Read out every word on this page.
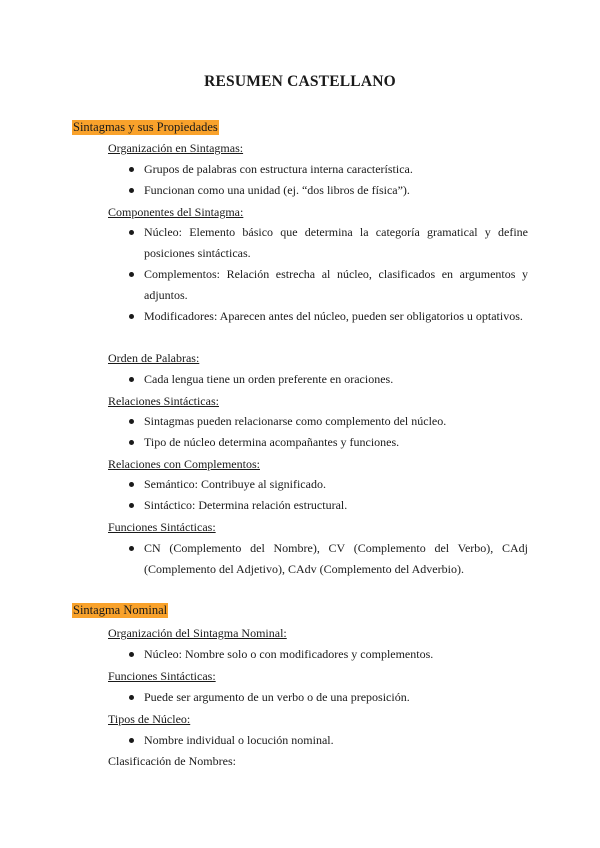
RESUMEN CASTELLANO
Sintagmas y sus Propiedades
Organización en Sintagmas:
Grupos de palabras con estructura interna característica.
Funcionan como una unidad (ej. “dos libros de física”).
Componentes del Sintagma:
Núcleo: Elemento básico que determina la categoría gramatical y define posiciones sintácticas.
Complementos: Relación estrecha al núcleo, clasificados en argumentos y adjuntos.
Modificadores: Aparecen antes del núcleo, pueden ser obligatorios u optativos.
Orden de Palabras:
Cada lengua tiene un orden preferente en oraciones.
Relaciones Sintácticas:
Sintagmas pueden relacionarse como complemento del núcleo.
Tipo de núcleo determina acompañantes y funciones.
Relaciones con Complementos:
Semántico: Contribuye al significado.
Sintáctico: Determina relación estructural.
Funciones Sintácticas:
CN (Complemento del Nombre), CV (Complemento del Verbo), CAdj (Complemento del Adjetivo), CAdv (Complemento del Adverbio).
Sintagma Nominal
Organización del Sintagma Nominal:
Núcleo: Nombre solo o con modificadores y complementos.
Funciones Sintácticas:
Puede ser argumento de un verbo o de una preposición.
Tipos de Núcleo:
Nombre individual o locución nominal.
Clasificación de Nombres:
